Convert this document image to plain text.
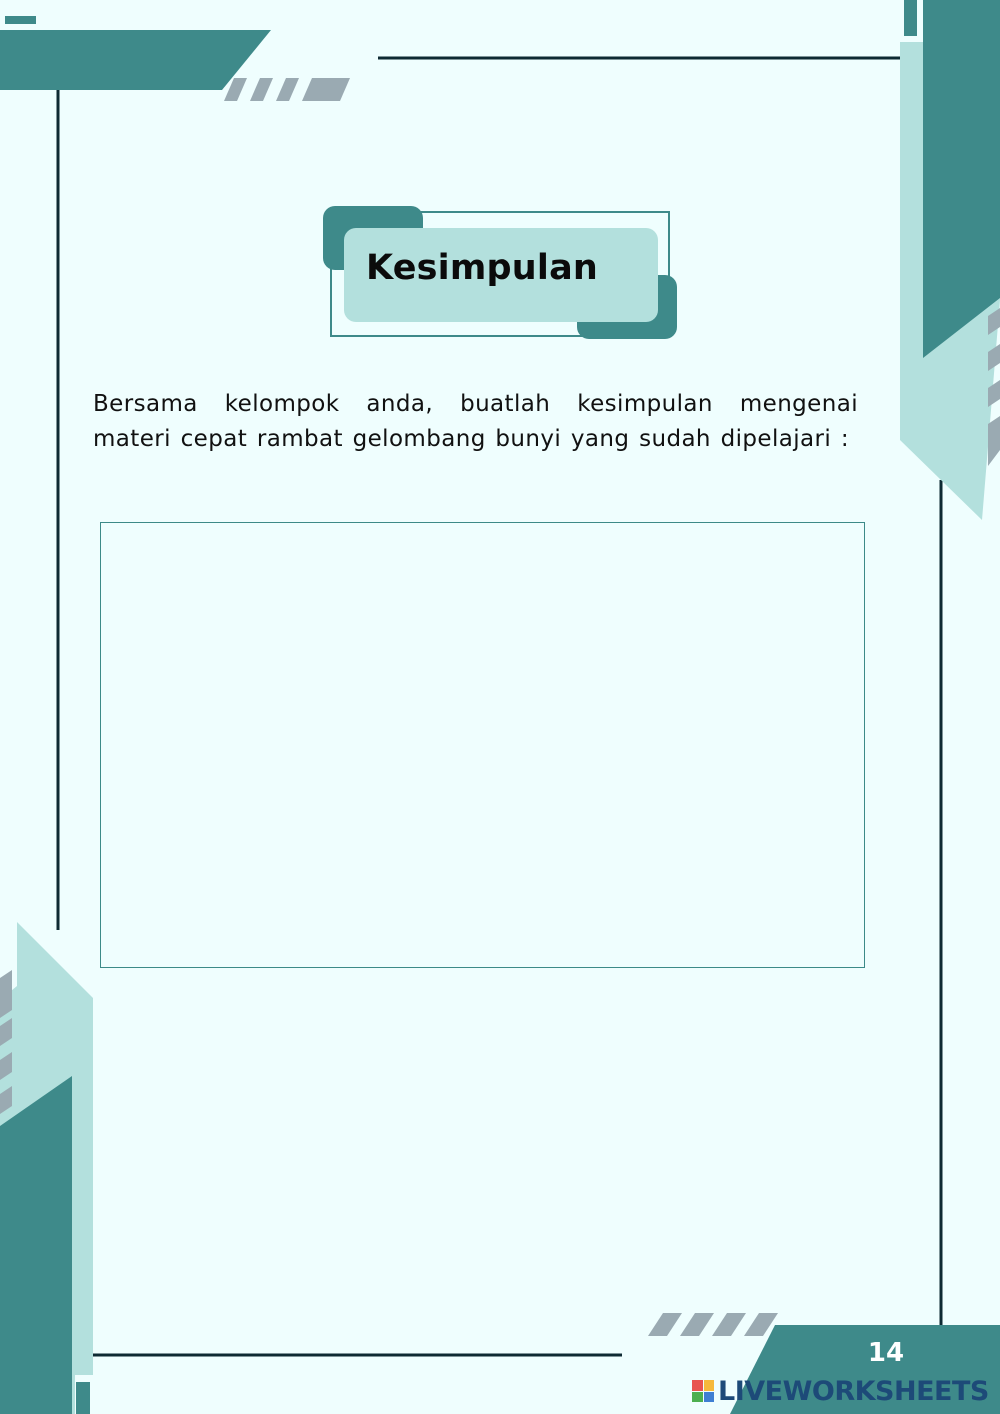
Kesimpulan
Bersama kelompok anda, buatlah kesimpulan mengenai materi cepat rambat gelombang bunyi yang sudah dipelajari :
14
LIVEWORKSHEETS
